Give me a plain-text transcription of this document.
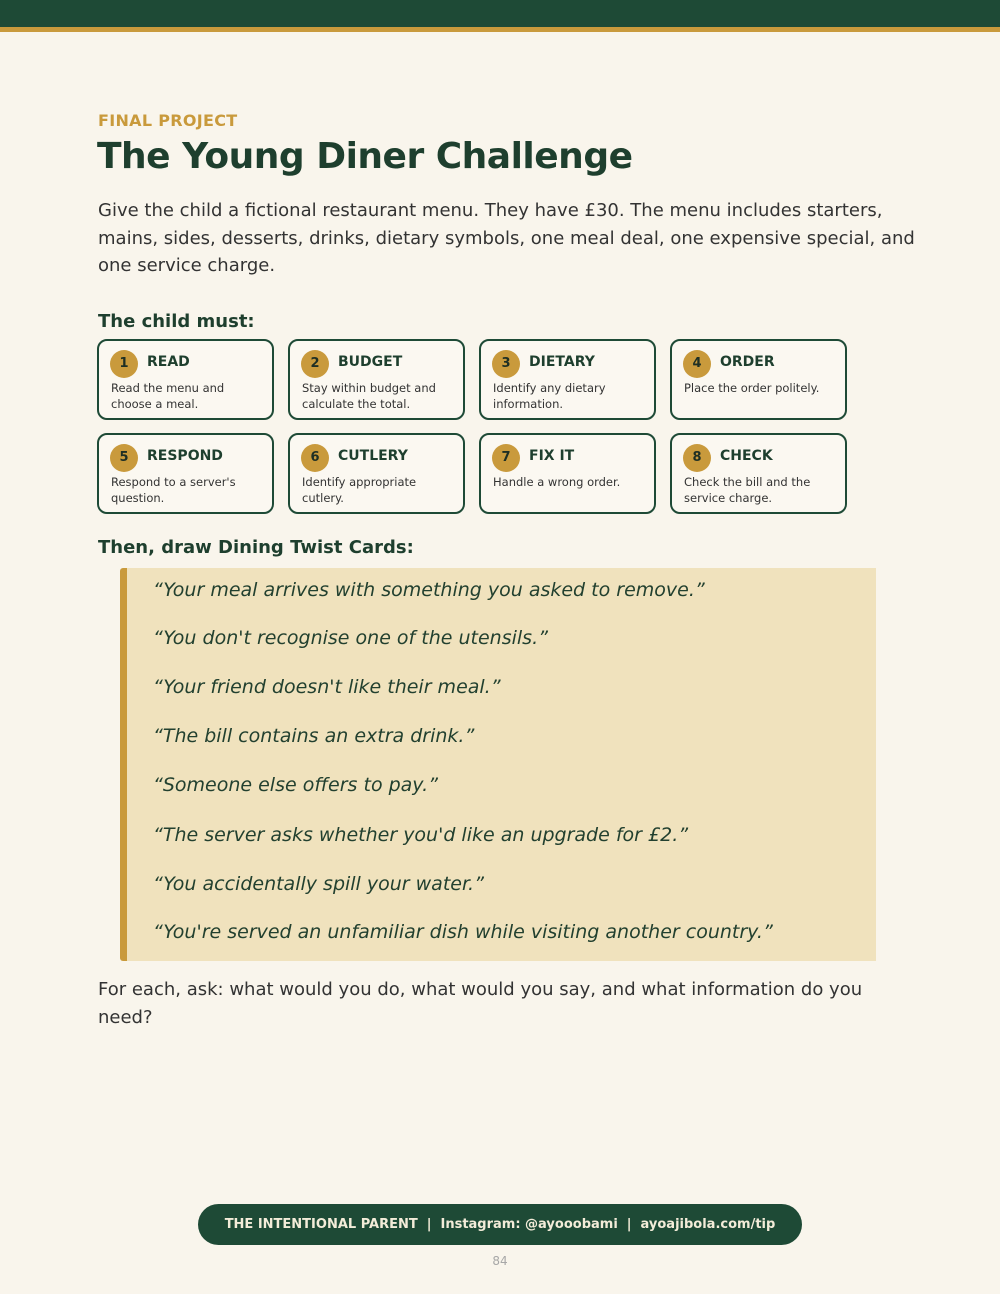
FINAL PROJECT
The Young Diner Challenge

Give the child a fictional restaurant menu. They have £30. The menu includes starters, mains, sides, desserts, drinks, dietary symbols, one meal deal, one expensive special, and one service charge.

The child must:
1	READ
Read the menu and choose a meal.
2	BUDGET
Stay within budget and calculate the total.
3	DIETARY
Identify any dietary information.
4	ORDER
Place the order politely.
5	RESPOND
Respond to a server's question.
6	CUTLERY
Identify appropriate cutlery.
7	FIX IT
Handle a wrong order.
8	CHECK
Check the bill and the service charge.
Then, draw Dining Twist Cards:
“Your meal arrives with something you asked to remove.”
“You don't recognise one of the utensils.”
“Your friend doesn't like their meal.”
“The bill contains an extra drink.”
“Someone else offers to pay.”
“The server asks whether you'd like an upgrade for £2.”
“You accidentally spill your water.”
“You're served an unfamiliar dish while visiting another country.”

For each, ask: what would you do, what would you say, and what information do you need?

THE INTENTIONAL PARENT | Instagram: @ayooobami | ayoajibola.com/tip
84
